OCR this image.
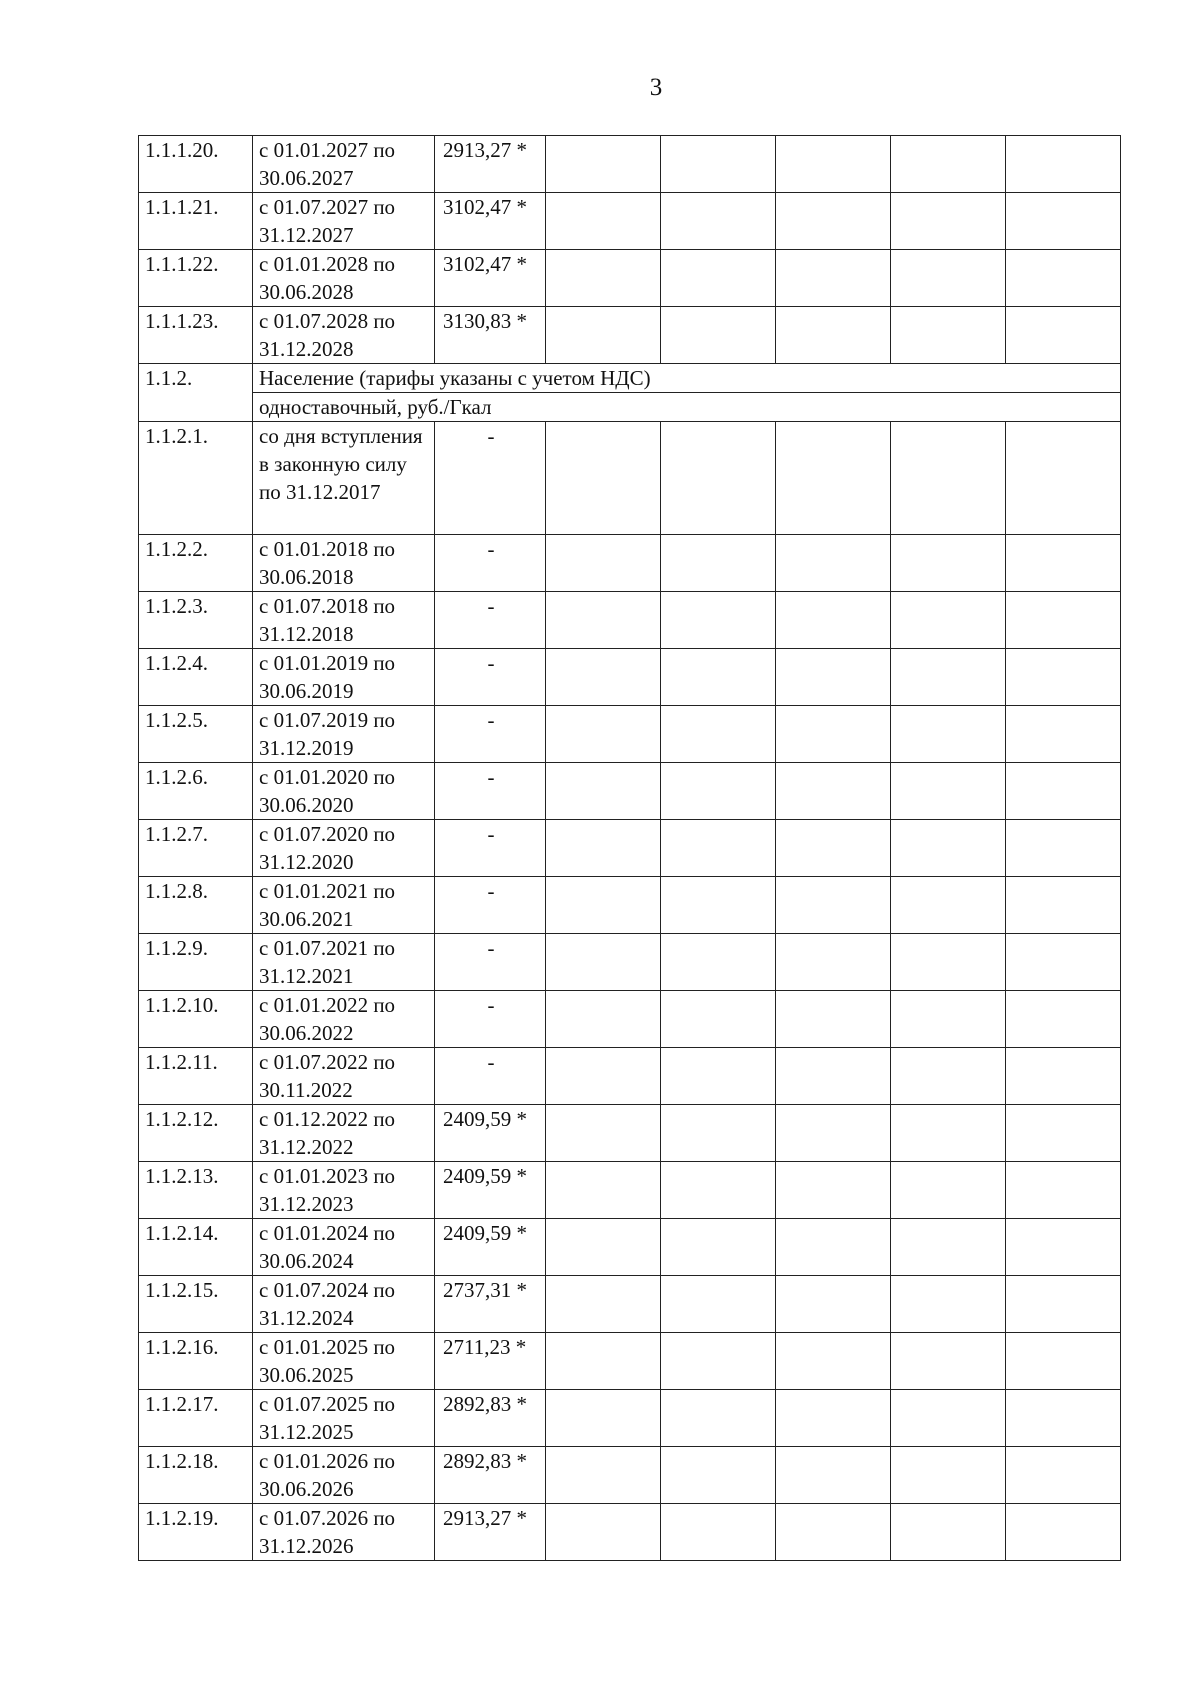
3
1.1.1.20.	с 01.01.2027 по 30.06.2027	2913,27 *					
1.1.1.21.	с 01.07.2027 по 31.12.2027	3102,47 *					
1.1.1.22.	с 01.01.2028 по 30.06.2028	3102,47 *					
1.1.1.23.	с 01.07.2028 по 31.12.2028	3130,83 *					
1.1.2.	Население (тарифы указаны с учетом НДС)						
	одноставочный, руб./Гкал						
1.1.2.1.	со дня вступления в законную силу по 31.12.2017	-					
1.1.2.2.	с 01.01.2018 по 30.06.2018	-					
1.1.2.3.	с 01.07.2018 по 31.12.2018	-					
1.1.2.4.	с 01.01.2019 по 30.06.2019	-					
1.1.2.5.	с 01.07.2019 по 31.12.2019	-					
1.1.2.6.	с 01.01.2020 по 30.06.2020	-					
1.1.2.7.	с 01.07.2020 по 31.12.2020	-					
1.1.2.8.	с 01.01.2021 по 30.06.2021	-					
1.1.2.9.	с 01.07.2021 по 31.12.2021	-					
1.1.2.10.	с 01.01.2022 по 30.06.2022	-					
1.1.2.11.	с 01.07.2022 по 30.11.2022	-					
1.1.2.12.	с 01.12.2022 по 31.12.2022	2409,59 *					
1.1.2.13.	с 01.01.2023 по 31.12.2023	2409,59 *					
1.1.2.14.	с 01.01.2024 по 30.06.2024	2409,59 *					
1.1.2.15.	с 01.07.2024 по 31.12.2024	2737,31 *					
1.1.2.16.	с 01.01.2025 по 30.06.2025	2711,23 *					
1.1.2.17.	с 01.07.2025 по 31.12.2025	2892,83 *					
1.1.2.18.	с 01.01.2026 по 30.06.2026	2892,83 *					
1.1.2.19.	с 01.07.2026 по 31.12.2026	2913,27 *					
